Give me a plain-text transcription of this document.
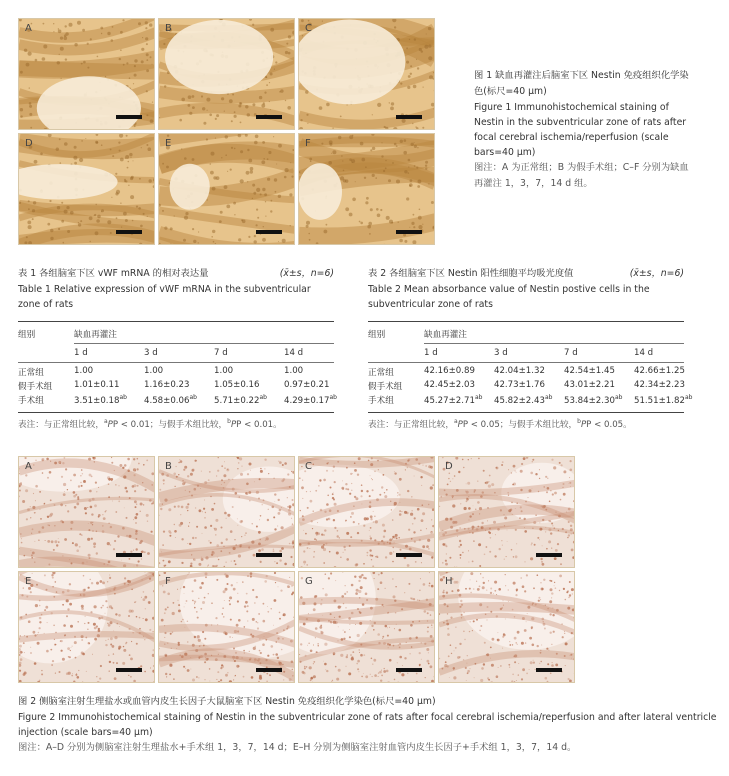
A	B	C
D	E	F
图 1 缺血再灌注后脑室下区 Nestin 免疫组织化学染色(标尺=40 μm)
Figure 1 Immunohistochemical staining of Nestin in the subventricular zone of rats after focal cerebral ischemia/reperfusion (scale bars=40 μm)
图注：A 为正常组；B 为假手术组；C–F 分别为缺血再灌注 1，3，7，14 d 组。
表 1 各组脑室下区 vWF mRNA 的相对表达量	(x̄±s，n=6)
Table 1 Relative expression of vWF mRNA in the subventricular zone of rats
组别	缺血再灌注
1 d	3 d	7 d	14 d
正常组	1.00	1.00	1.00	1.00
假手术组	1.01±0.11	1.16±0.23	1.05±0.16	0.97±0.21
手术组	3.51±0.18$^{ab}$ 4.58±0.06$^{ab}$ 5.71±0.22$^{ab}$ 4.29±0.17$^{ab}$
表注：与正常组比较，$^a$PP < 0.01；与假手术组比较，$^b$PP < 0.01。
表 2 各组脑室下区 Nestin 阳性细胞平均吸光度值	(x̄±s，n=6)
Table 2 Mean absorbance value of Nestin postive cells in the subventricular zone of rats
组别	缺血再灌注
1 d	3 d	7 d	14 d
正常组	42.16±0.89 42.04±1.32 42.54±1.45 42.66±1.25
假手术组	42.45±2.03 42.73±1.76 43.01±2.21 42.34±2.23
手术组	45.27±2.71$^{ab}$ 45.82±2.43$^{ab}$ 53.84±2.30$^{ab}$ 51.51±1.82$^{ab}$
表注：与正常组比较，$^a$PP < 0.05；与假手术组比较，$^b$PP < 0.05。
A	B	C	D
E	F	G	H
图 2 侧脑室注射生理盐水或血管内皮生长因子大鼠脑室下区 Nestin 免疫组织化学染色(标尺=40 μm)
Figure 2 Immunohistochemical staining of Nestin in the subventricular zone of rats after focal cerebral ischemia/reperfusion and after lateral ventricle injection (scale bars=40 μm)
图注：A–D 分别为侧脑室注射生理盐水+手术组 1，3，7，14 d；E–H 分别为侧脑室注射血管内皮生长因子+手术组 1，3，7，14 d。
